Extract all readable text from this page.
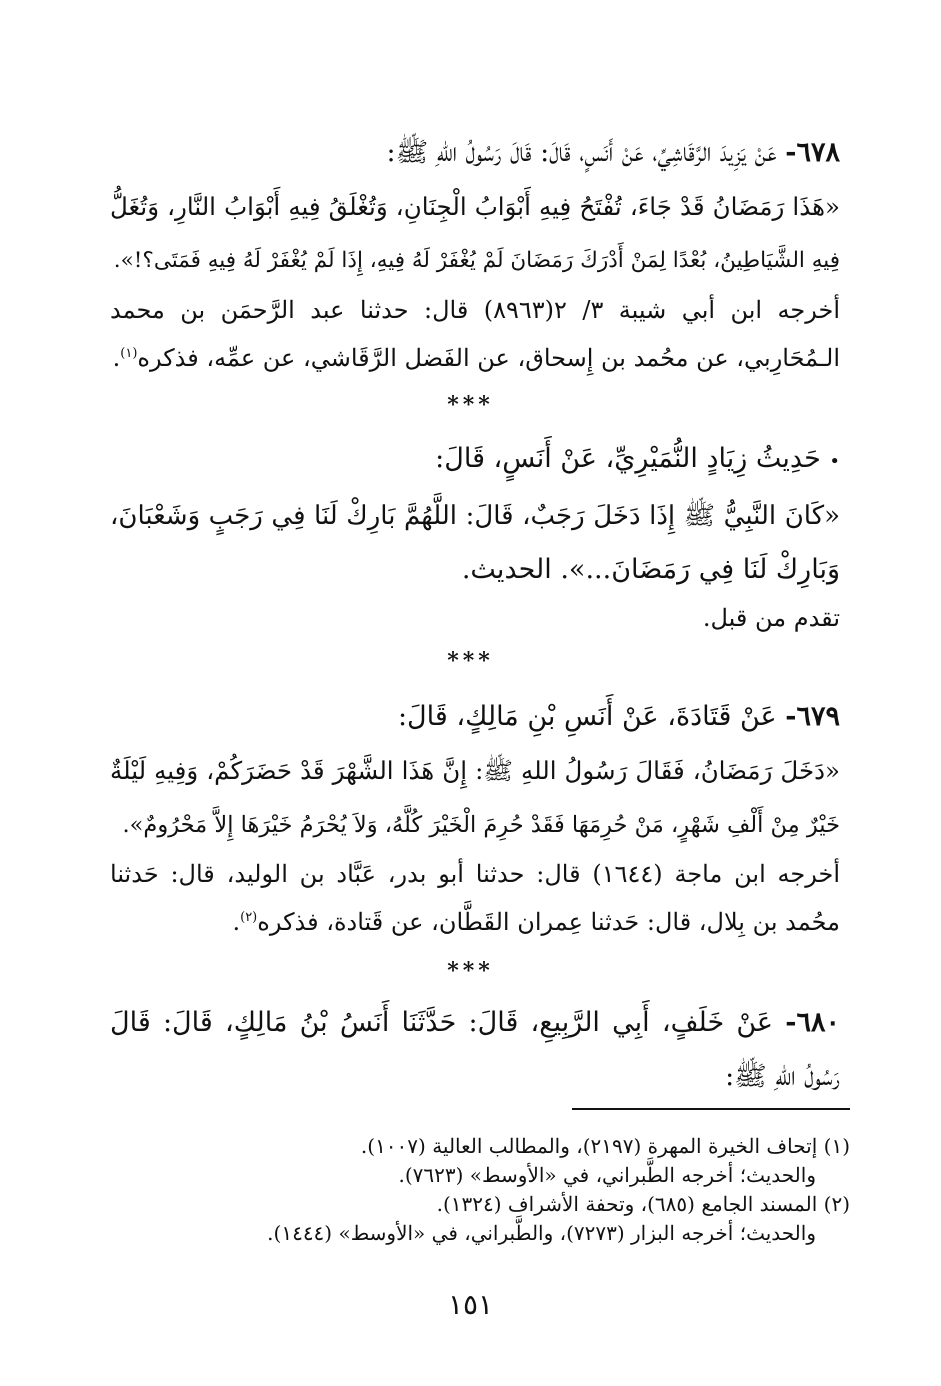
٦٧٨- عَنْ يَزِيدَ الرَّقَاشِيِّ، عَنْ أَنَسٍ، قَالَ: قَالَ رَسُولُ اللهِ ﷺ:
«هَذَا رَمَضَانُ قَدْ جَاءَ، تُفْتَحُ فِيهِ أَبْوَابُ الْجِنَانِ، وَتُغْلَقُ فِيهِ أَبْوَابُ النَّارِ، وَتُغَلُّ
فِيهِ الشَّيَاطِينُ، بُعْدًا لِمَنْ أَدْرَكَ رَمَضَانَ لَمْ يُغْفَرْ لَهُ فِيهِ، إِذَا لَمْ يُغْفَرْ لَهُ فِيهِ فَمَتَى؟!».
أخرجه ابن أبي شيبة ٣/ ٢(٨٩٦٣) قال: حدثنا عبد الرَّحمَن بن محمد
الـمُحَارِبي، عن محُمد بن إِسحاق، عن الفَضل الرَّقَاشي، عن عمِّه، فذكره$^{(١)}$.
***
• حَدِيثُ زِيَادٍ النُّمَيْرِيِّ، عَنْ أَنَسٍ، قَالَ:
«كَانَ النَّبِيُّ ﷺ إِذَا دَخَلَ رَجَبٌ، قَالَ: اللَّهُمَّ بَارِكْ لَنَا فِي رَجَبٍ وَشَعْبَانَ،
وَبَارِكْ لَنَا فِي رَمَضَانَ...». الحديث.
تقدم من قبل.
***
٦٧٩- عَنْ قَتَادَةَ، عَنْ أَنَسِ بْنِ مَالِكٍ، قَالَ:
«دَخَلَ رَمَضَانُ، فَقَالَ رَسُولُ اللهِ ﷺ: إِنَّ هَذَا الشَّهْرَ قَدْ حَضَرَكُمْ، وَفِيهِ لَيْلَةٌ
خَيْرٌ مِنْ أَلْفِ شَهْرٍ، مَنْ حُرِمَهَا فَقَدْ حُرِمَ الْخَيْرَ كُلَّهُ، وَلاَ يُحْرَمُ خَيْرَهَا إِلاَّ مَحْرُومٌ».
أخرجه ابن ماجة (١٦٤٤) قال: حدثنا أبو بدر، عَبَّاد بن الوليد، قال: حَدثنا
محُمد بن بِلال، قال: حَدثنا عِمران القَطَّان، عن قَتادة، فذكره$^{(٢)}$.
***
٦٨٠- عَنْ خَلَفٍ، أَبِي الرَّبِيعِ، قَالَ: حَدَّثَنَا أَنَسُ بْنُ مَالِكٍ، قَالَ: قَالَ
رَسُولُ اللهِ ﷺ:
(١) إتحاف الخيرة المهرة (٢١٩٧)، والمطالب العالية (١٠٠٧).
والحديث؛ أخرجه الطَّبراني، في «الأوسط» (٧٦٢٣).
(٢) المسند الجامع (٦٨٥)، وتحفة الأشراف (١٣٢٤).
والحديث؛ أخرجه البزار (٧٢٧٣)، والطَّبراني، في «الأوسط» (١٤٤٤).
١٥١
